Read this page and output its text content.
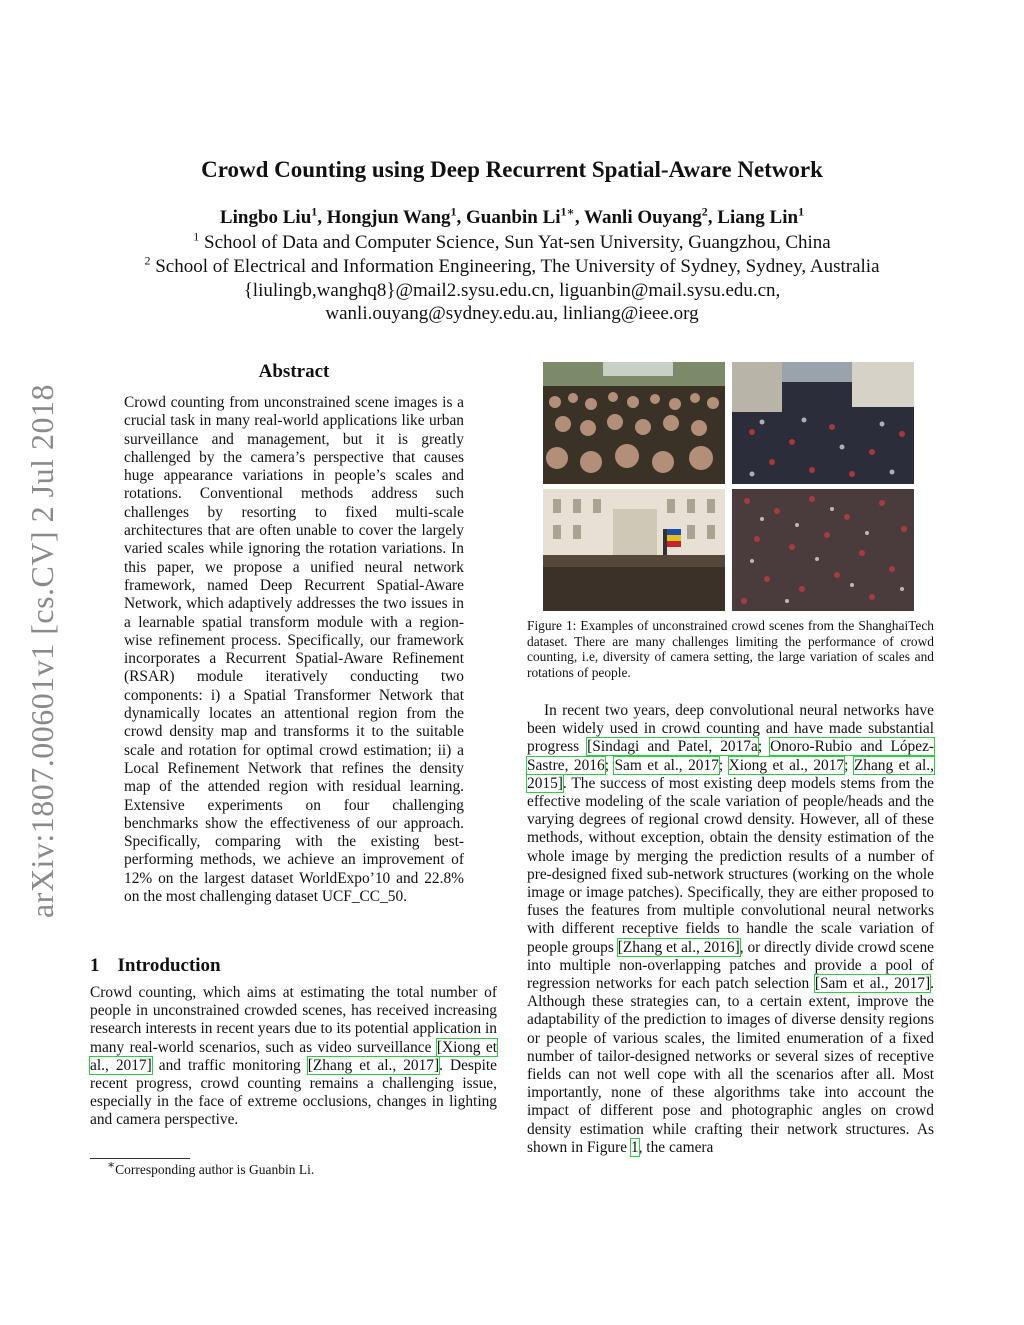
arXiv:1807.00601v1 [cs.CV] 2 Jul 2018
Crowd Counting using Deep Recurrent Spatial-Aware Network
Lingbo Liu$^1$, Hongjun Wang$^1$, Guanbin $Li^{1∗}$, Wanli Ouyang$^2$, Liang Lin$^1$
$^1$ School of Data and Computer Science, Sun Yat-sen University, Guangzhou, China
$^2$ School of Electrical and Information Engineering, The University of Sydney, Sydney, Australia
{liulingb,wanghq8}@mail2.sysu.edu.cn, liguanbin@mail.sysu.edu.cn,
wanli.ouyang@sydney.edu.au, linliang@ieee.org
Abstract
Crowd counting from unconstrained scene images is a crucial task in many real-world applications like urban surveillance and management, but it is greatly challenged by the camera’s perspective that causes huge appearance variations in people’s scales and rotations. Conventional methods address such challenges by resorting to fixed multi-scale architectures that are often unable to cover the largely varied scales while ignoring the rotation variations. In this paper, we propose a unified neural network framework, named Deep Recurrent Spatial-Aware Network, which adaptively addresses the two issues in a learnable spatial transform module with a region-wise refinement process. Specifically, our framework incorporates a Recurrent Spatial-Aware Refinement (RSAR) module iteratively conducting two components: i) a Spatial Transformer Network that dynamically locates an attentional region from the crowd density map and transforms it to the suitable scale and rotation for optimal crowd estimation; ii) a Local Refinement Network that refines the density map of the attended region with residual learning. Extensive experiments on four challenging benchmarks show the effectiveness of our approach. Specifically, comparing with the existing best-performing methods, we achieve an improvement of 12% on the largest dataset WorldExpo’10 and 22.8% on the most challenging dataset UCF_CC_50.
1 Introduction
Crowd counting, which aims at estimating the total number of people in unconstrained crowded scenes, has received increasing research interests in recent years due to its potential application in many real-world scenarios, such as video surveillance [Xiong et al., 2017] and traffic monitoring [Zhang et al., 2017]. Despite recent progress, crowd counting remains a challenging issue, especially in the face of extreme occlusions, changes in lighting and camera perspective.
∗Corresponding author is Guanbin Li.
Figure 1: Examples of unconstrained crowd scenes from the ShanghaiTech dataset. There are many challenges limiting the performance of crowd counting, i.e, diversity of camera setting, the large variation of scales and rotations of people.
In recent two years, deep convolutional neural networks have been widely used in crowd counting and have made substantial progress [Sindagi and Patel, 2017a; Onoro-Rubio and López-Sastre, 2016; Sam et al., 2017; Xiong et al., 2017; Zhang et al., 2015]. The success of most existing deep models stems from the effective modeling of the scale variation of people/heads and the varying degrees of regional crowd density. However, all of these methods, without exception, obtain the density estimation of the whole image by merging the prediction results of a number of pre-designed fixed sub-network structures (working on the whole image or image patches). Specifically, they are either proposed to fuses the features from multiple convolutional neural networks with different receptive fields to handle the scale variation of people groups [Zhang et al., 2016], or directly divide crowd scene into multiple non-overlapping patches and provide a pool of regression networks for each patch selection [Sam et al., 2017]. Although these strategies can, to a certain extent, improve the adaptability of the prediction to images of diverse density regions or people of various scales, the limited enumeration of a fixed number of tailor-designed networks or several sizes of receptive fields can not well cope with all the scenarios after all. Most importantly, none of these algorithms take into account the impact of different pose and photographic angles on crowd density estimation while crafting their network structures. As shown in Figure 1, the camera
